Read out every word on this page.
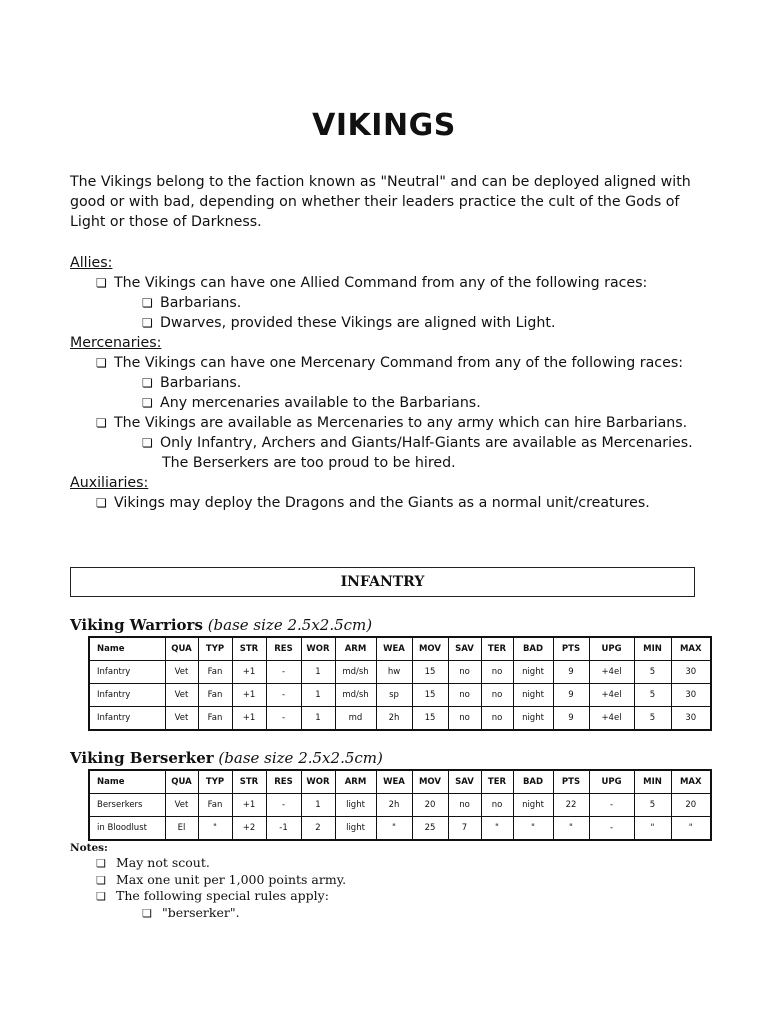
VIKINGS
The Vikings belong to the faction known as "Neutral" and can be deployed aligned with good or with bad, depending on whether their leaders practice the cult of the Gods of Light or those of Darkness.
Allies:
❏ The Vikings can have one Allied Command from any of the following races:
❏ Barbarians.
❏ Dwarves, provided these Vikings are aligned with Light.
Mercenaries:
❏ The Vikings can have one Mercenary Command from any of the following races:
❏ Barbarians.
❏ Any mercenaries available to the Barbarians.
❏ The Vikings are available as Mercenaries to any army which can hire Barbarians.
❏ Only Infantry, Archers and Giants/Half-Giants are available as Mercenaries.
The Berserkers are too proud to be hired.
Auxiliaries:
❏ Vikings may deploy the Dragons and the Giants as a normal unit/creatures.
INFANTRY
Viking Warriors (base size 2.5x2.5cm)
Name	QUA	TYP	STR	RES	WOR	ARM	WEA	MOV	SAV	TER	BAD	PTS	UPG	MIN	MAX
Infantry	Vet	Fan	+1	-	1	md/sh	hw	15	no	no	night	9	+4el	5	30
Infantry	Vet	Fan	+1	-	1	md/sh	sp	15	no	no	night	9	+4el	5	30
Infantry	Vet	Fan	+1	-	1	md	2h	15	no	no	night	9	+4el	5	30
Viking Berserker (base size 2.5x2.5cm)
Name	QUA	TYP	STR	RES	WOR	ARM	WEA	MOV	SAV	TER	BAD	PTS	UPG	MIN	MAX
Berserkers	Vet	Fan	+1	-	1	light	2h	20	no	no	night	22	-	5	20
in Bloodlust	El	"	+2	-1	2	light	"	25	7	"	"	"	-	"	"
Notes:
❏ May not scout.
❏ Max one unit per 1,000 points army.
❏ The following special rules apply:
❏ "berserker".
